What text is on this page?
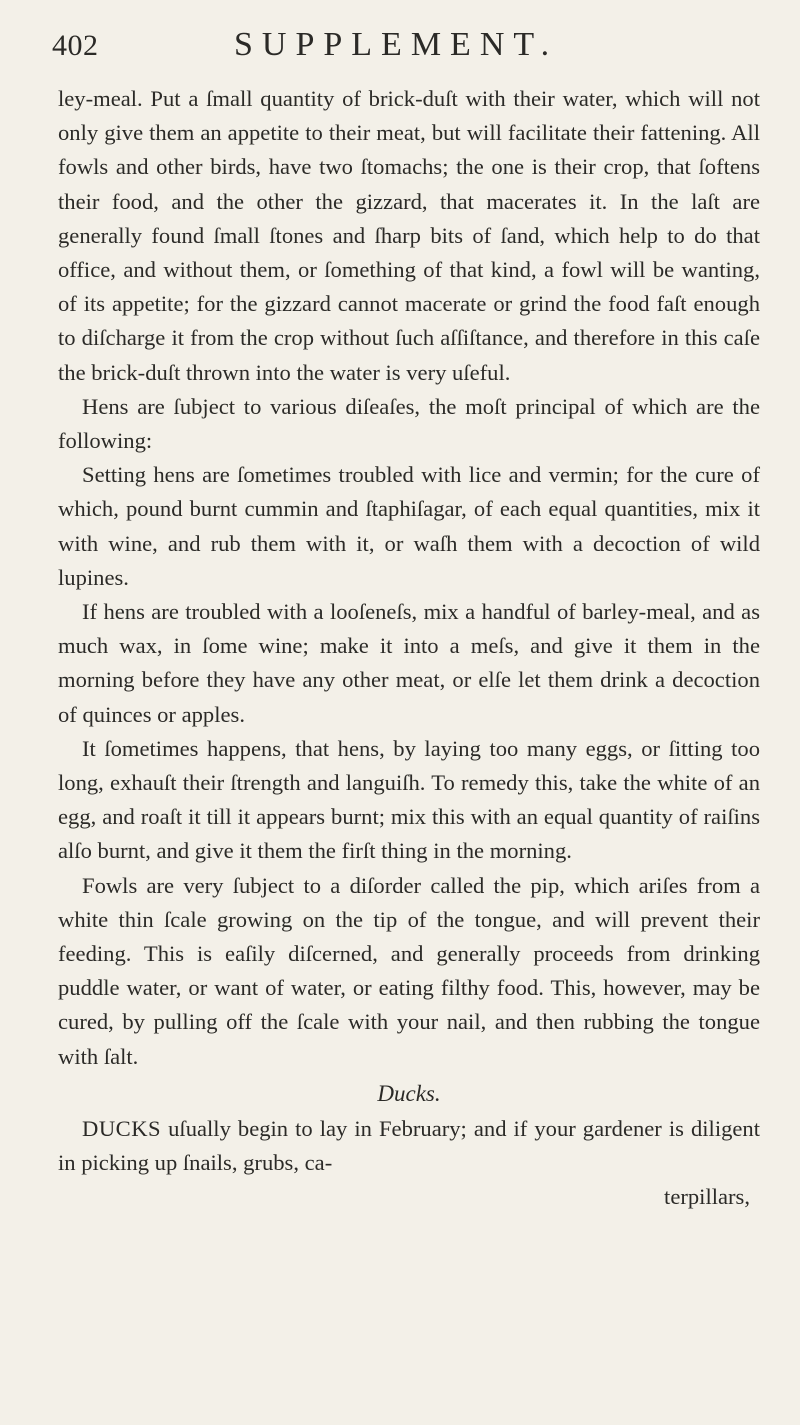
402	SUPPLEMENT.

ley-meal. Put a ſmall quantity of brick-duſt with their water, which will not only give them an appetite to their meat, but will facilitate their fattening. All fowls and other birds, have two ſtomachs; the one is their crop, that ſoftens their food, and the other the gizzard, that macerates it. In the laſt are generally found ſmall ſtones and ſharp bits of ſand, which help to do that office, and without them, or ſomething of that kind, a fowl will be wanting, of its appetite; for the gizzard cannot macerate or grind the food faſt enough to diſcharge it from the crop without ſuch aſſiſtance, and therefore in this caſe the brick-duſt thrown into the water is very uſeful.

Hens are ſubject to various diſeaſes, the moſt principal of which are the following:

Setting hens are ſometimes troubled with lice and vermin; for the cure of which, pound burnt cummin and ſtaphiſagar, of each equal quantities, mix it with wine, and rub them with it, or waſh them with a decoction of wild lupines.

If hens are troubled with a looſeneſs, mix a handful of barley-meal, and as much wax, in ſome wine; make it into a meſs, and give it them in the morning before they have any other meat, or elſe let them drink a decoction of quinces or apples.

It ſometimes happens, that hens, by laying too many eggs, or ſitting too long, exhauſt their ſtrength and languiſh. To remedy this, take the white of an egg, and roaſt it till it appears burnt; mix this with an equal quantity of raiſins alſo burnt, and give it them the firſt thing in the morning.

Fowls are very ſubject to a diſorder called the pip, which ariſes from a white thin ſcale growing on the tip of the tongue, and will prevent their feeding. This is eaſily diſcerned, and generally proceeds from drinking puddle water, or want of water, or eating filthy food. This, however, may be cured, by pulling off the ſcale with your nail, and then rubbing the tongue with ſalt.

Ducks.

DUCKS uſually begin to lay in February; and if your gardener is diligent in picking up ſnails, grubs, ca-

terpillars,
